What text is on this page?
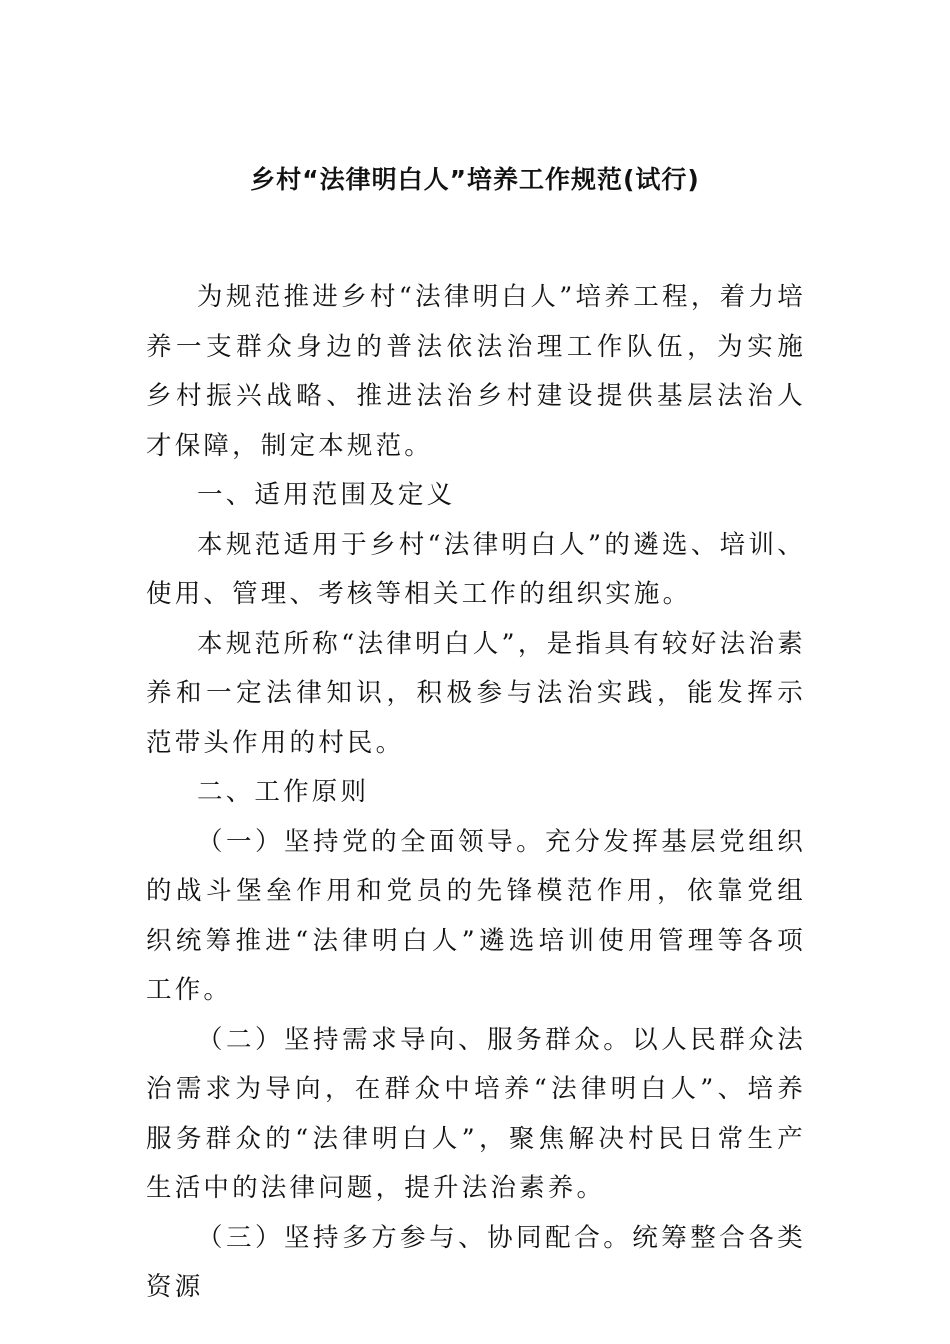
乡村“法律明白人”培养工作规范(试行)

为规范推进乡村“法律明白人”培养工程，着力培养一支群众身边的普法依法治理工作队伍，为实施乡村振兴战略、推进法治乡村建设提供基层法治人才保障，制定本规范。

一、适用范围及定义

本规范适用于乡村“法律明白人”的遴选、培训、使用、管理、考核等相关工作的组织实施。

本规范所称“法律明白人”，是指具有较好法治素养和一定法律知识，积极参与法治实践，能发挥示范带头作用的村民。

二、工作原则

（一）坚持党的全面领导。充分发挥基层党组织的战斗堡垒作用和党员的先锋模范作用，依靠党组织统筹推进“法律明白人”遴选培训使用管理等各项工作。

（二）坚持需求导向、服务群众。以人民群众法治需求为导向，在群众中培养“法律明白人”、培养服务群众的“法律明白人”，聚焦解决村民日常生产生活中的法律问题，提升法治素养。

（三）坚持多方参与、协同配合。统筹整合各类资源
